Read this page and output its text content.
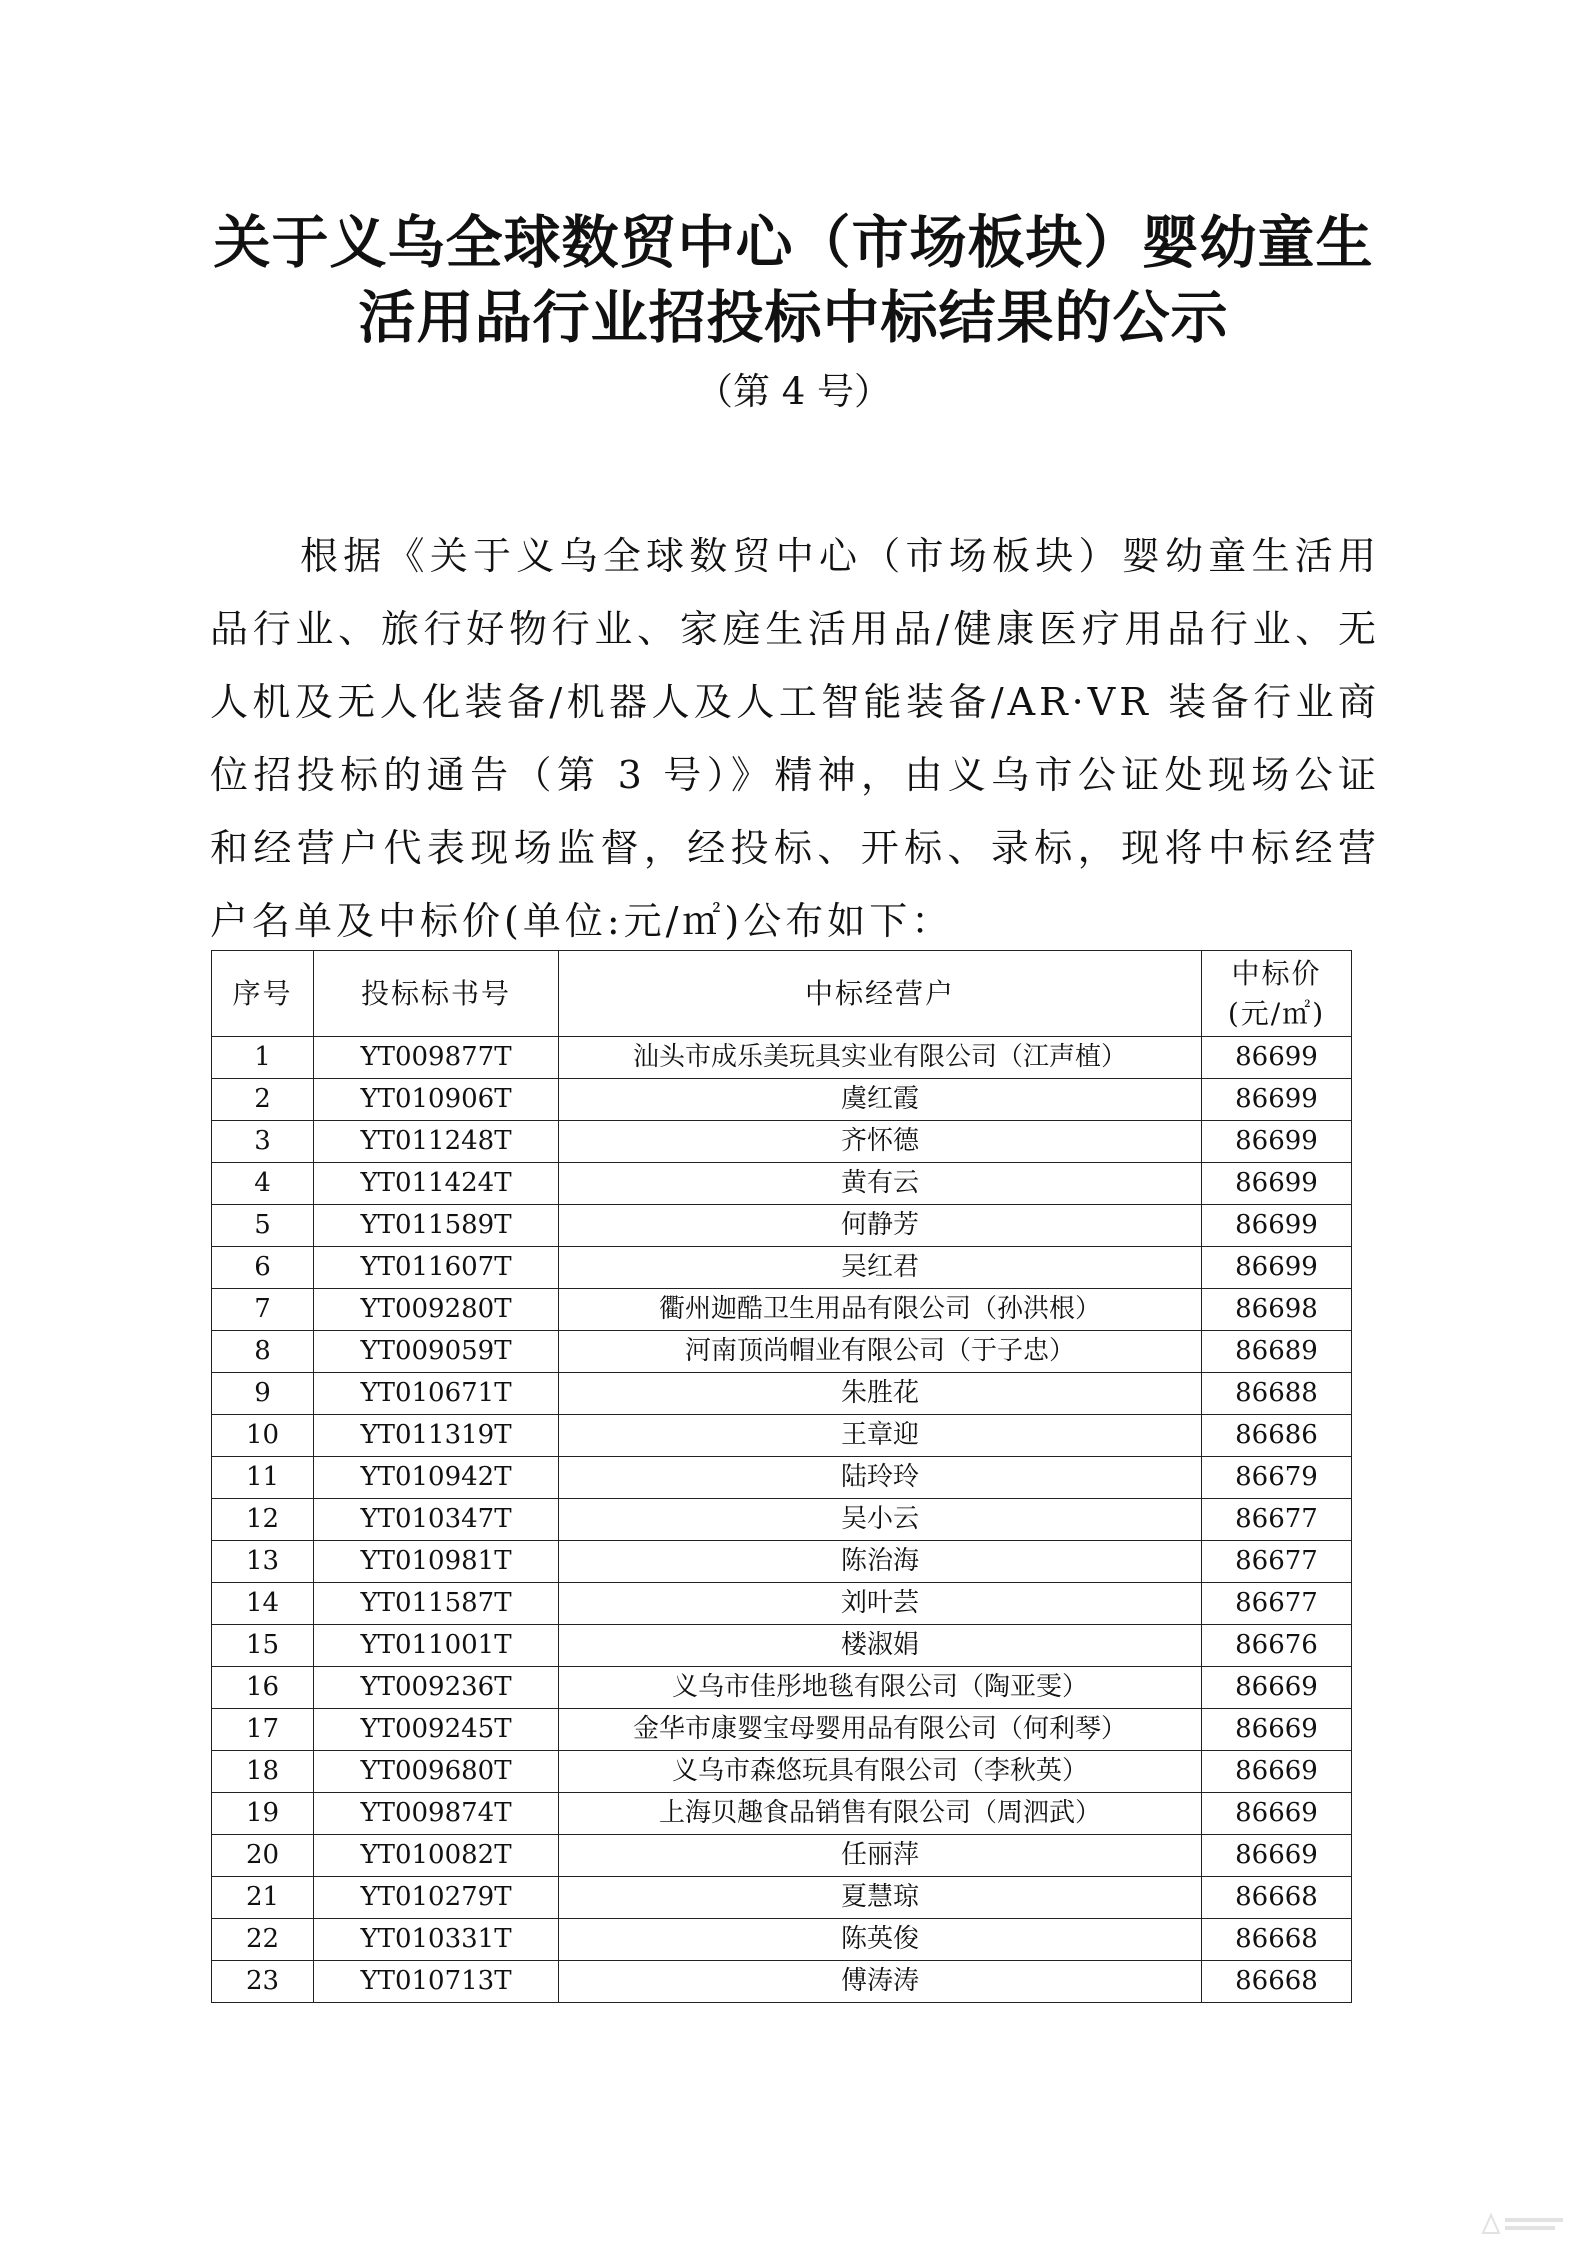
关于义乌全球数贸中心（市场板块）婴幼童生
活用品行业招投标中标结果的公示
（第 4 号）
根据《关于义乌全球数贸中心（市场板块）婴幼童生活用
品行业、旅行好物行业、家庭生活用品/健康医疗用品行业、无
人机及无人化装备/机器人及人工智能装备/AR·VR 装备行业商
位招投标的通告（第 3 号）》精神，由义乌市公证处现场公证
和经营户代表现场监督，经投标、开标、录标，现将中标经营
户名单及中标价(单位:元/㎡)公布如下：
序号	投标标书号	中标经营户	中标价
(元/㎡)

1	YT009877T	汕头市成乐美玩具实业有限公司（江声植）	86699
2	YT010906T	虞红霞	86699
3	YT011248T	齐怀德	86699
4	YT011424T	黄有云	86699
5	YT011589T	何静芳	86699
6	YT011607T	吴红君	86699
7	YT009280T	衢州迦酷卫生用品有限公司（孙洪根）	86698
8	YT009059T	河南顶尚帽业有限公司（于子忠）	86689
9	YT010671T	朱胜花	86688
10	YT011319T	王章迎	86686
11	YT010942T	陆玲玲	86679
12	YT010347T	吴小云	86677
13	YT010981T	陈治海	86677
14	YT011587T	刘叶芸	86677
15	YT011001T	楼淑娟	86676
16	YT009236T	义乌市佳彤地毯有限公司（陶亚雯）	86669
17	YT009245T	金华市康婴宝母婴用品有限公司（何利琴）	86669
18	YT009680T	义乌市森悠玩具有限公司（李秋英）	86669
19	YT009874T	上海贝趣食品销售有限公司（周泗武）	86669
20	YT010082T	任丽萍	86669
21	YT010279T	夏慧琼	86668
22	YT010331T	陈英俊	86668
23	YT010713T	傅涛涛	86668
